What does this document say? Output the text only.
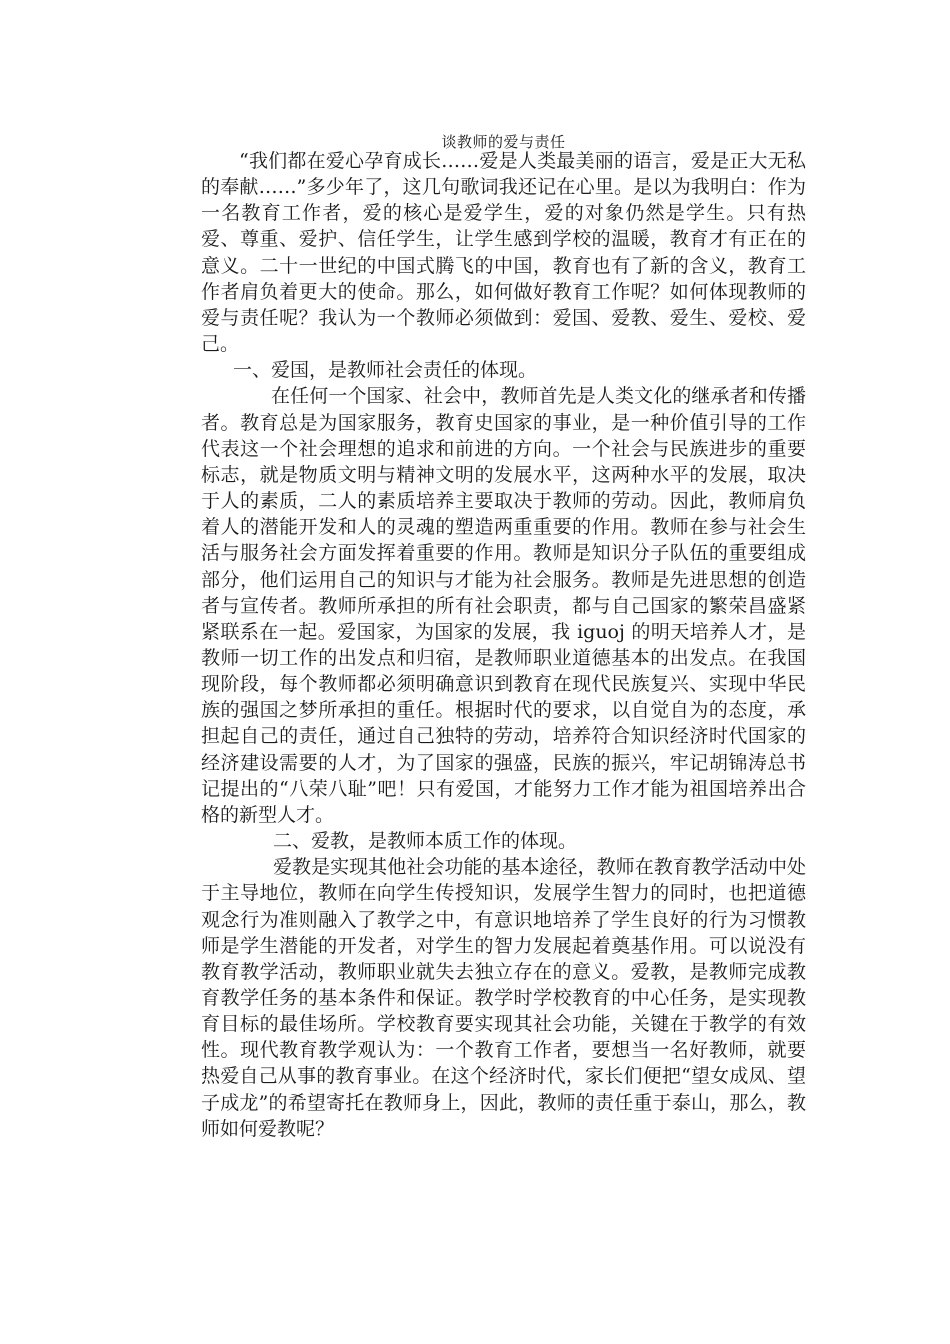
谈教师的爱与责任

“我们都在爱心孕育成长……爱是人类最美丽的语言，爱是正大无私的奉献……”多少年了，这几句歌词我还记在心里。是以为我明白：作为一名教育工作者，爱的核心是爱学生，爱的对象仍然是学生。只有热爱、尊重、爱护、信任学生，让学生感到学校的温暖，教育才有正在的意义。二十一世纪的中国式腾飞的中国，教育也有了新的含义，教育工作者肩负着更大的使命。那么，如何做好教育工作呢？如何体现教师的爱与责任呢？我认为一个教师必须做到：爱国、爱教、爱生、爱校、爱己。

一、爱国，是教师社会责任的体现。

在任何一个国家、社会中，教师首先是人类文化的继承者和传播者。教育总是为国家服务，教育史国家的事业，是一种价值引导的工作代表这一个社会理想的追求和前进的方向。一个社会与民族进步的重要标志，就是物质文明与精神文明的发展水平，这两种水平的发展，取决于人的素质，二人的素质培养主要取决于教师的劳动。因此，教师肩负着人的潜能开发和人的灵魂的塑造两重重要的作用。教师在参与社会生活与服务社会方面发挥着重要的作用。教师是知识分子队伍的重要组成部分，他们运用自己的知识与才能为社会服务。教师是先进思想的创造者与宣传者。教师所承担的所有社会职责，都与自己国家的繁荣昌盛紧紧联系在一起。爱国家，为国家的发展，我 iguoj 的明天培养人才，是教师一切工作的出发点和归宿，是教师职业道德基本的出发点。在我国现阶段，每个教师都必须明确意识到教育在现代民族复兴、实现中华民族的强国之梦所承担的重任。根据时代的要求，以自觉自为的态度，承担起自己的责任，通过自己独特的劳动，培养符合知识经济时代国家的经济建设需要的人才，为了国家的强盛，民族的振兴，牢记胡锦涛总书记提出的“八荣八耻”吧！只有爱国，才能努力工作才能为祖国培养出合格的新型人才。

二、爱教，是教师本质工作的体现。

爱教是实现其他社会功能的基本途径，教师在教育教学活动中处于主导地位，教师在向学生传授知识，发展学生智力的同时，也把道德观念行为准则融入了教学之中，有意识地培养了学生良好的行为习惯教师是学生潜能的开发者，对学生的智力发展起着奠基作用。可以说没有教育教学活动，教师职业就失去独立存在的意义。爱教，是教师完成教育教学任务的基本条件和保证。教学时学校教育的中心任务，是实现教育目标的最佳场所。学校教育要实现其社会功能，关键在于教学的有效性。现代教育教学观认为：一个教育工作者，要想当一名好教师，就要热爱自己从事的教育事业。在这个经济时代，家长们便把“望女成凤、望子成龙”的希望寄托在教师身上，因此，教师的责任重于泰山，那么，教师如何爱教呢？
